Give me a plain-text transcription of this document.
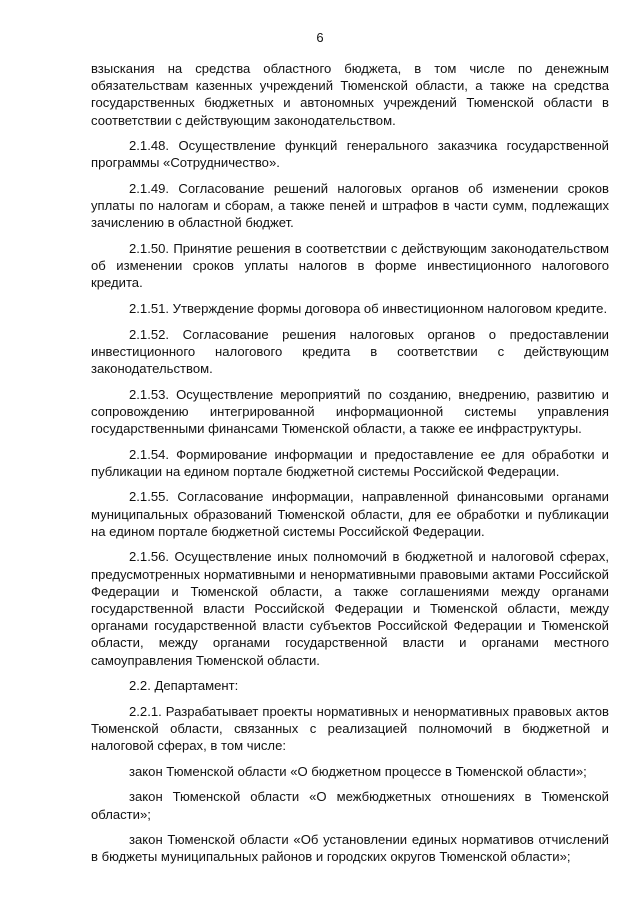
6

взыскания на средства областного бюджета, в том числе по денежным обязательствам казенных учреждений Тюменской области, а также на средства государственных бюджетных и автономных учреждений Тюменской области в соответствии с действующим законодательством.

2.1.48. Осуществление функций генерального заказчика государственной программы «Сотрудничество».

2.1.49. Согласование решений налоговых органов об изменении сроков уплаты по налогам и сборам, а также пеней и штрафов в части сумм, подлежащих зачислению в областной бюджет.

2.1.50. Принятие решения в соответствии с действующим законодательством об изменении сроков уплаты налогов в форме инвестиционного налогового кредита.

2.1.51. Утверждение формы договора об инвестиционном налоговом кредите.

2.1.52. Согласование решения налоговых органов о предоставлении инвестиционного налогового кредита в соответствии с действующим законодательством.

2.1.53. Осуществление мероприятий по созданию, внедрению, развитию и сопровождению интегрированной информационной системы управления государственными финансами Тюменской области, а также ее инфраструктуры.

2.1.54. Формирование информации и предоставление ее для обработки и публикации на едином портале бюджетной системы Российской Федерации.

2.1.55. Согласование информации, направленной финансовыми органами муниципальных образований Тюменской области, для ее обработки и публикации на едином портале бюджетной системы Российской Федерации.

2.1.56. Осуществление иных полномочий в бюджетной и налоговой сферах, предусмотренных нормативными и ненормативными правовыми актами Российской Федерации и Тюменской области, а также соглашениями между органами государственной власти Российской Федерации и Тюменской области, между органами государственной власти субъектов Российской Федерации и Тюменской области, между органами государственной власти и органами местного самоуправления Тюменской области.

2.2. Департамент:

2.2.1. Разрабатывает проекты нормативных и ненормативных правовых актов Тюменской области, связанных с реализацией полномочий в бюджетной и налоговой сферах, в том числе:

закон Тюменской области «О бюджетном процессе в Тюменской области»;

закон Тюменской области «О межбюджетных отношениях в Тюменской области»;

закон Тюменской области «Об установлении единых нормативов отчислений в бюджеты муниципальных районов и городских округов Тюменской области»;
